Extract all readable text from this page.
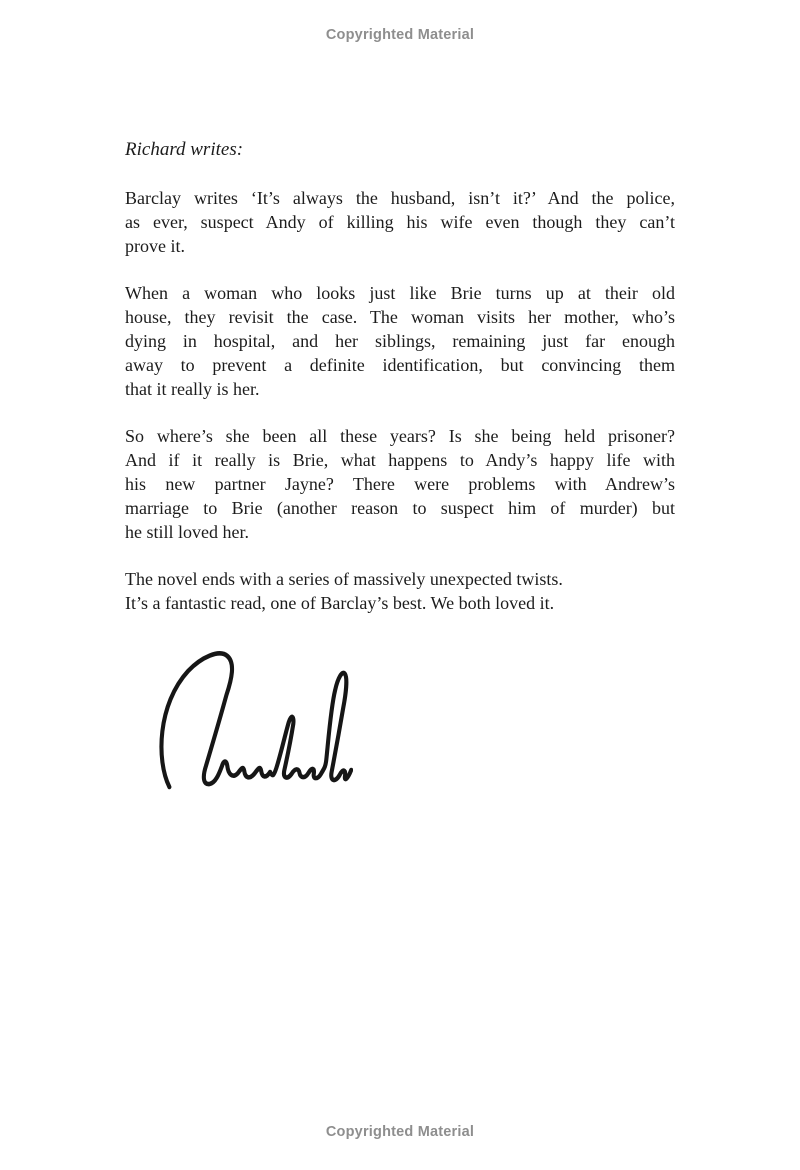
Copyrighted Material
Richard writes:
Barclay writes ‘It’s always the husband, isn’t it?’ And the police,
as ever, suspect Andy of killing his wife even though they can’t
prove it.
When a woman who looks just like Brie turns up at their old
house, they revisit the case. The woman visits her mother, who’s
dying in hospital, and her siblings, remaining just far enough
away to prevent a definite identification, but convincing them
that it really is her.
So where’s she been all these years? Is she being held prisoner?
And if it really is Brie, what happens to Andy’s happy life with
his new partner Jayne? There were problems with Andrew’s
marriage to Brie (another reason to suspect him of murder) but
he still loved her.
The novel ends with a series of massively unexpected twists.
It’s a fantastic read, one of Barclay’s best. We both loved it.
Copyrighted Material
